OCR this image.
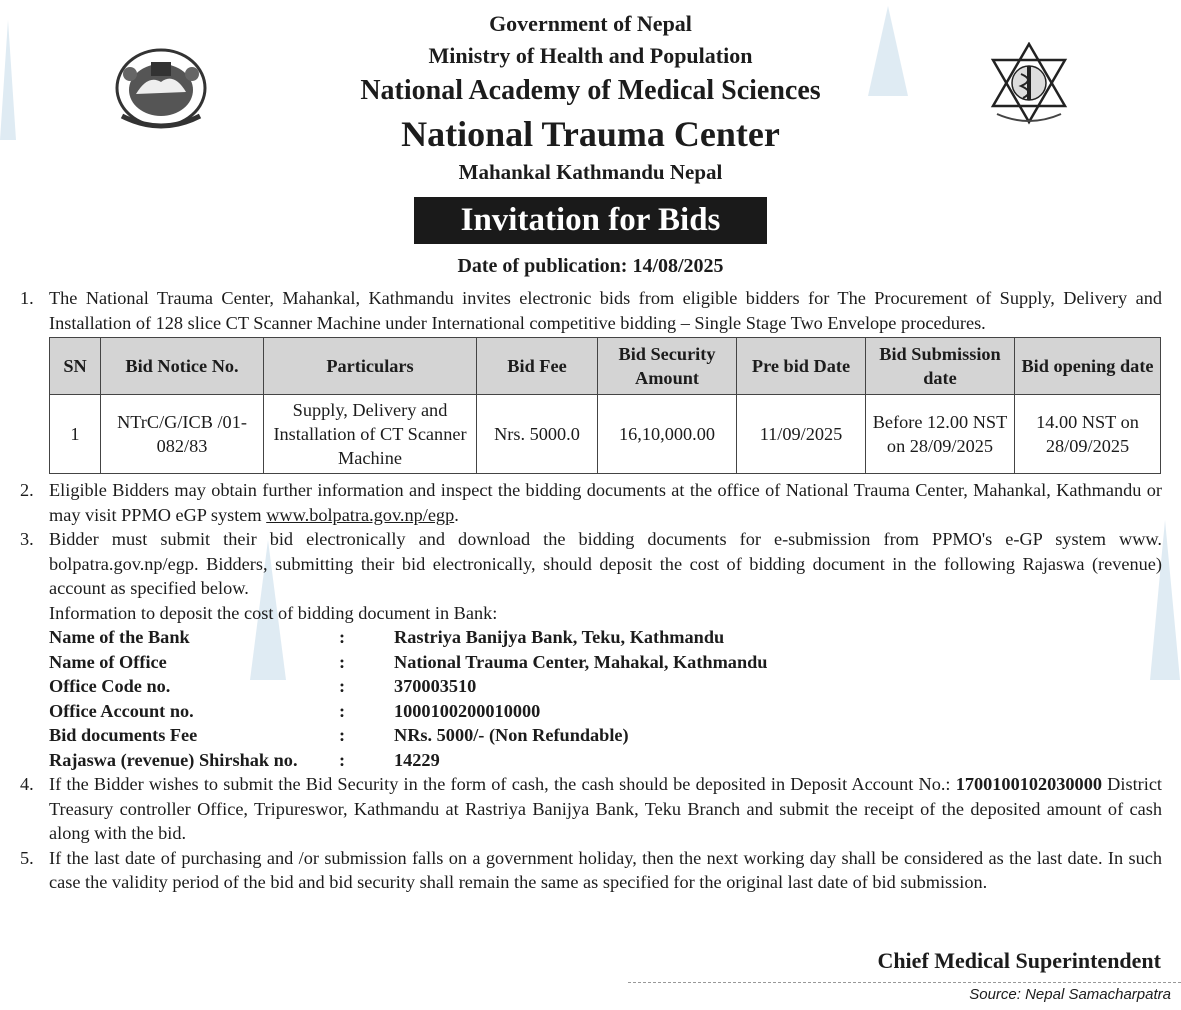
Government of Nepal
Ministry of Health and Population
National Academy of Medical Sciences
National Trauma Center
Mahankal Kathmandu Nepal
Invitation for Bids
Date of publication: 14/08/2025
1. The National Trauma Center, Mahankal, Kathmandu invites electronic bids from eligible bidders for The Procurement of Supply, Delivery and Installation of 128 slice CT Scanner Machine under International competitive bidding – Single Stage Two Envelope procedures.
SN	Bid Notice No.	Particulars	Bid Fee	Bid Security Amount	Pre bid Date	Bid Submission date	Bid opening date
1	NTrC/G/ICB /01-082/83	Supply, Delivery and Installation of CT Scanner Machine	Nrs. 5000.0	16,10,000.00	11/09/2025	Before 12.00 NST on 28/09/2025	14.00 NST on 28/09/2025
2. Eligible Bidders may obtain further information and inspect the bidding documents at the office of National Trauma Center, Mahankal, Kathmandu or may visit PPMO eGP system www.bolpatra.gov.np/egp.
3. Bidder must submit their bid electronically and download the bidding documents for e-submission from PPMO's e-GP system www. bolpatra.gov.np/egp. Bidders, submitting their bid electronically, should deposit the cost of bidding document in the following Rajaswa (revenue) account as specified below.
Information to deposit the cost of bidding document in Bank:
Name of the Bank	:	Rastriya Banijya Bank, Teku, Kathmandu
Name of Office	:	National Trauma Center, Mahakal, Kathmandu
Office Code no.	:	370003510
Office Account no.	:	1000100200010000
Bid documents Fee	:	NRs. 5000/- (Non Refundable)
Rajaswa (revenue) Shirshak no.	:	14229
4. If the Bidder wishes to submit the Bid Security in the form of cash, the cash should be deposited in Deposit Account No.: 1700100102030000 District Treasury controller Office, Tripureswor, Kathmandu at Rastriya Banijya Bank, Teku Branch and submit the receipt of the deposited amount of cash along with the bid.
5. If the last date of purchasing and /or submission falls on a government holiday, then the next working day shall be considered as the last date. In such case the validity period of the bid and bid security shall remain the same as specified for the original last date of bid submission.
Chief Medical Superintendent
Source: Nepal Samacharpatra
